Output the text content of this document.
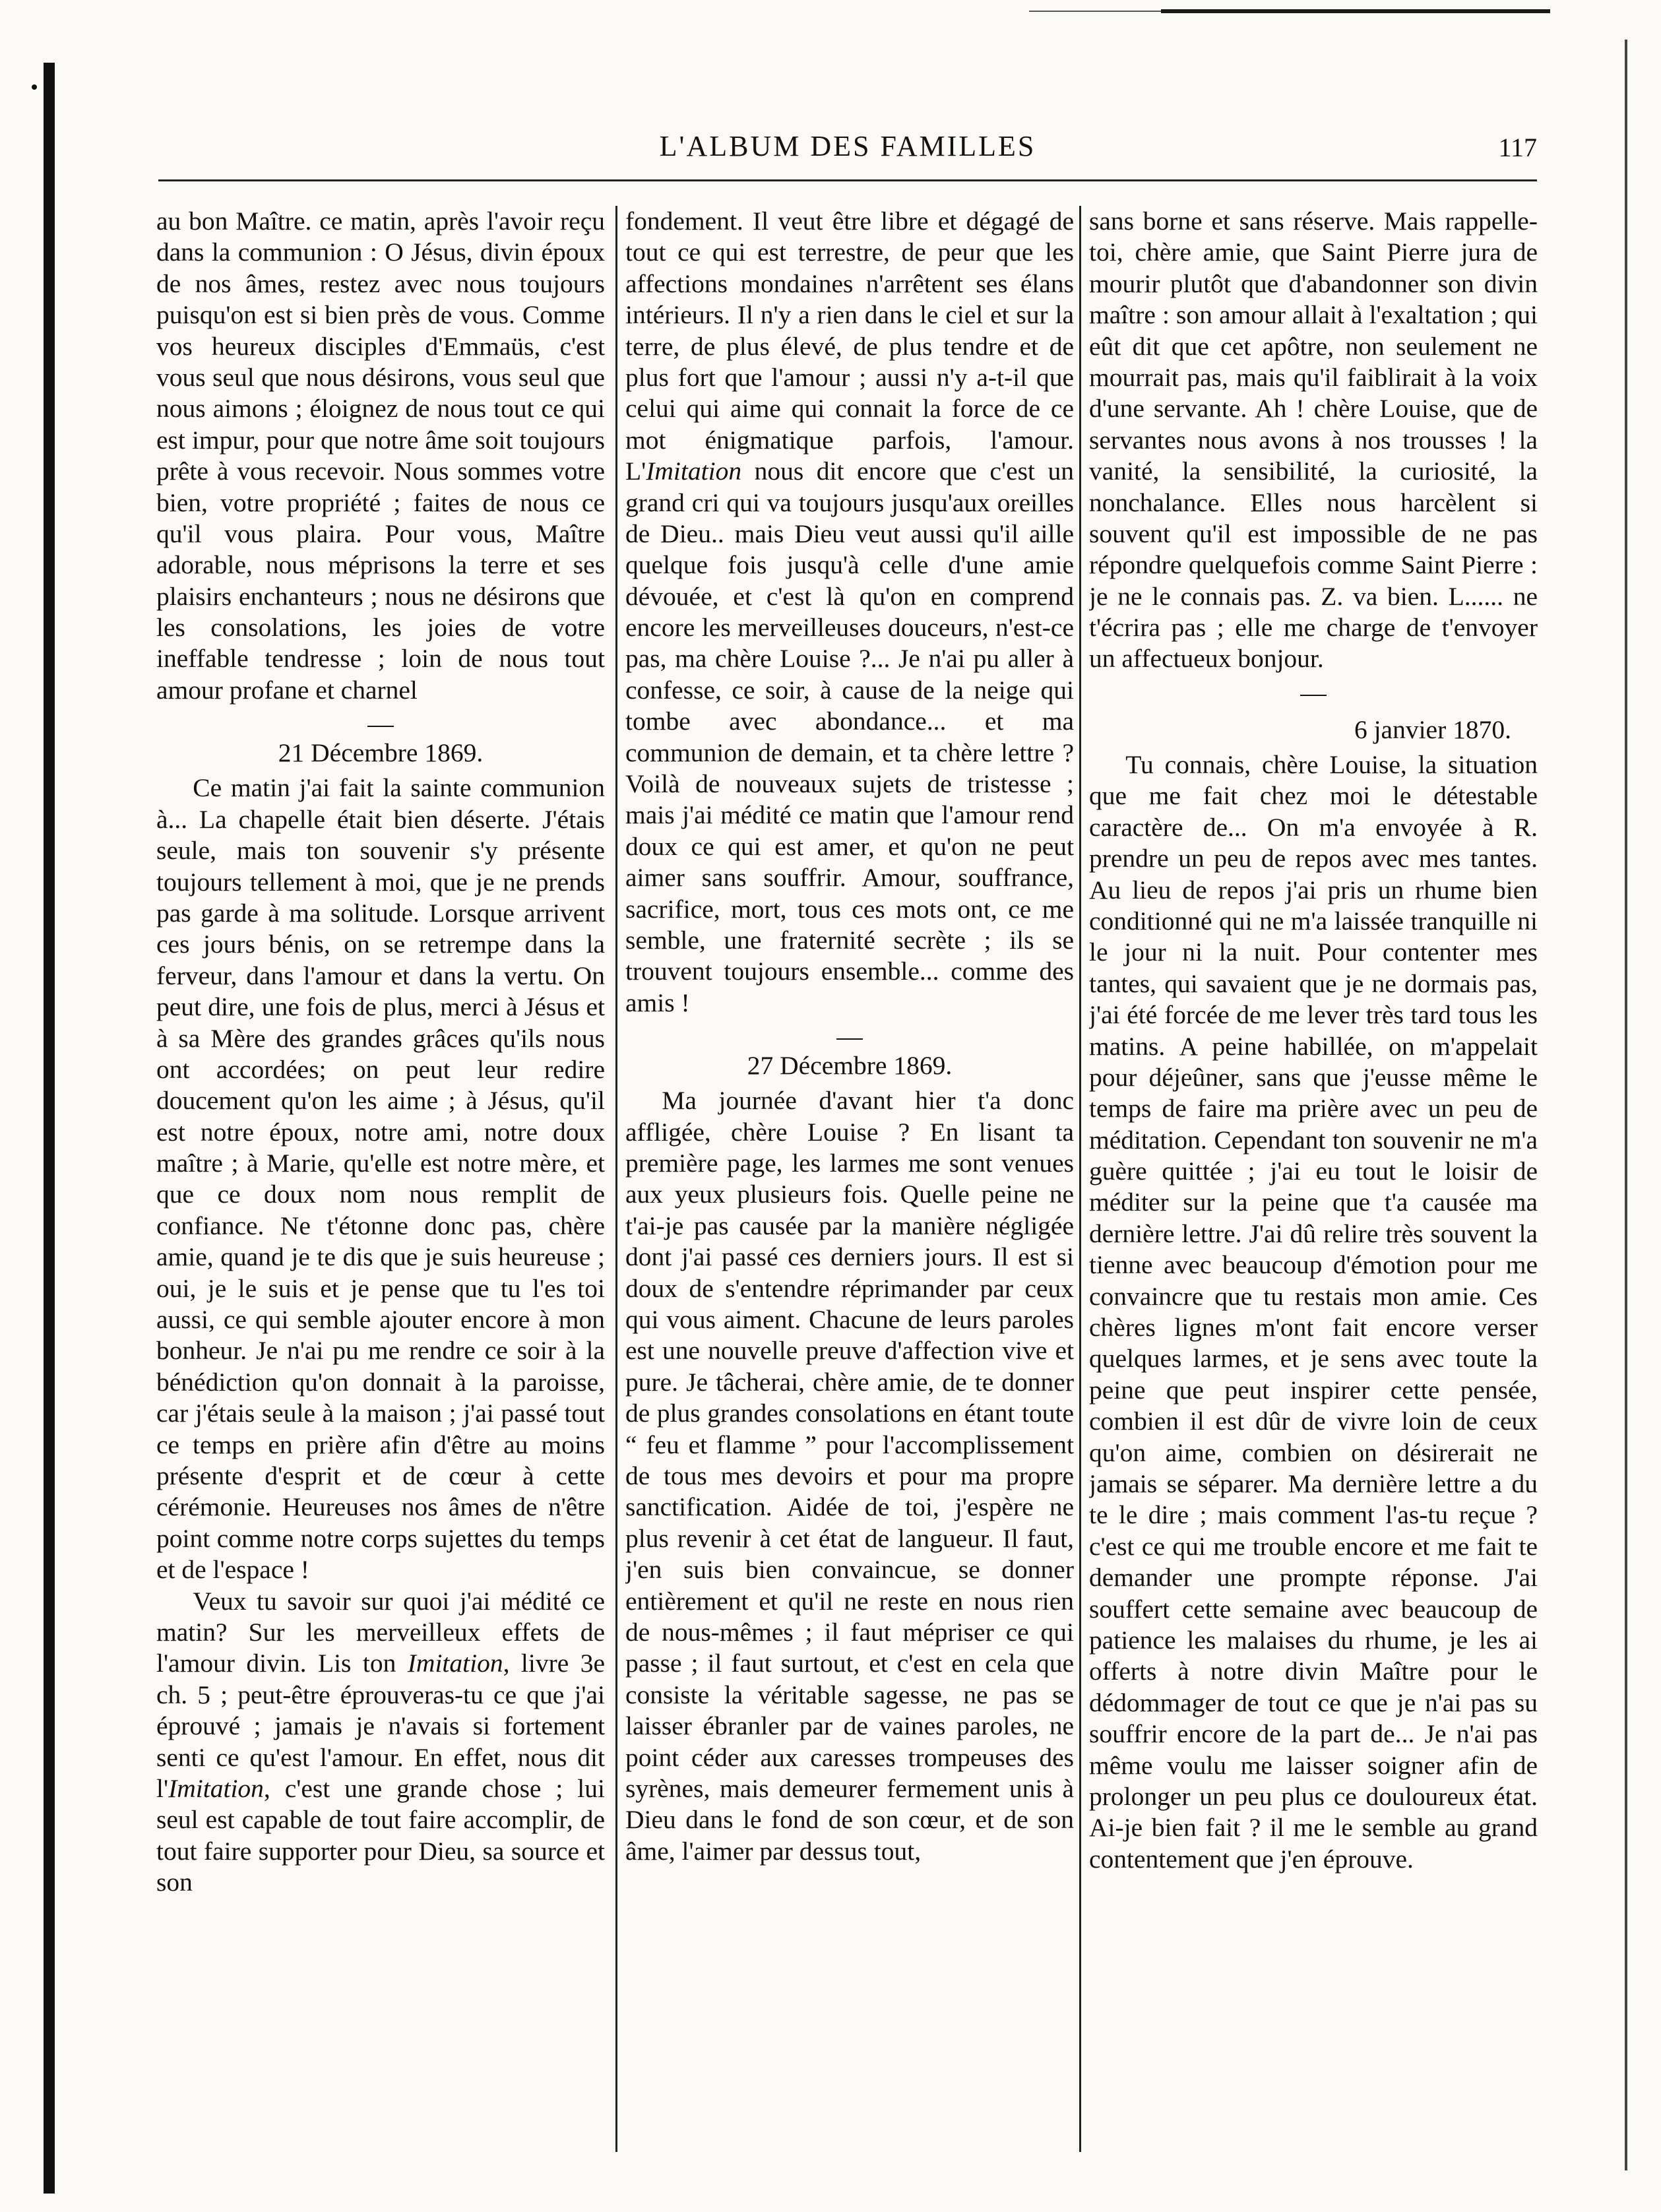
L'ALBUM DES FAMILLES	117

au bon Maître. ce matin, après l'avoir reçu dans la communion : O Jésus, divin époux de nos âmes, restez avec nous toujours puisqu'on est si bien près de vous. Comme vos heureux disciples d'Emmaüs, c'est vous seul que nous désirons, vous seul que nous aimons ; éloignez de nous tout ce qui est impur, pour que notre âme soit toujours prête à vous recevoir. Nous sommes votre bien, votre propriété ; faites de nous ce qu'il vous plaira. Pour vous, Maître adorable, nous méprisons la terre et ses plaisirs enchanteurs ; nous ne désirons que les consolations, les joies de votre ineffable tendresse ; loin de nous tout amour profane et charnel

—

21 Décembre 1869.

Ce matin j'ai fait la sainte communion à... La chapelle était bien déserte. J'étais seule, mais ton souvenir s'y présente toujours tellement à moi, que je ne prends pas garde à ma solitude. Lorsque arrivent ces jours bénis, on se retrempe dans la ferveur, dans l'amour et dans la vertu. On peut dire, une fois de plus, merci à Jésus et à sa Mère des grandes grâces qu'ils nous ont accordées; on peut leur redire doucement qu'on les aime ; à Jésus, qu'il est notre époux, notre ami, notre doux maître ; à Marie, qu'elle est notre mère, et que ce doux nom nous remplit de confiance. Ne t'étonne donc pas, chère amie, quand je te dis que je suis heureuse ; oui, je le suis et je pense que tu l'es toi aussi, ce qui semble ajouter encore à mon bonheur. Je n'ai pu me rendre ce soir à la bénédiction qu'on donnait à la paroisse, car j'étais seule à la maison ; j'ai passé tout ce temps en prière afin d'être au moins présente d'esprit et de cœur à cette cérémonie. Heureuses nos âmes de n'être point comme notre corps sujettes du temps et de l'espace !

Veux tu savoir sur quoi j'ai médité ce matin? Sur les merveilleux effets de l'amour divin. Lis ton Imitation, livre 3e ch. 5 ; peut-être éprouveras-tu ce que j'ai éprouvé ; jamais je n'avais si fortement senti ce qu'est l'amour. En effet, nous dit l'Imitation, c'est une grande chose ; lui seul est capable de tout faire accomplir, de tout faire supporter pour Dieu, sa source et son

fondement. Il veut être libre et dégagé de tout ce qui est terrestre, de peur que les affections mondaines n'arrêtent ses élans intérieurs. Il n'y a rien dans le ciel et sur la terre, de plus élevé, de plus tendre et de plus fort que l'amour ; aussi n'y a-t-il que celui qui aime qui connait la force de ce mot énigmatique parfois, l'amour. L'Imitation nous dit encore que c'est un grand cri qui va toujours jusqu'aux oreilles de Dieu.. mais Dieu veut aussi qu'il aille quelque fois jusqu'à celle d'une amie dévouée, et c'est là qu'on en comprend encore les merveilleuses douceurs, n'est-ce pas, ma chère Louise ?... Je n'ai pu aller à confesse, ce soir, à cause de la neige qui tombe avec abondance... et ma communion de demain, et ta chère lettre ? Voilà de nouveaux sujets de tristesse ; mais j'ai médité ce matin que l'amour rend doux ce qui est amer, et qu'on ne peut aimer sans souffrir. Amour, souffrance, sacrifice, mort, tous ces mots ont, ce me semble, une fraternité secrète ; ils se trouvent toujours ensemble... comme des amis !

—

27 Décembre 1869.

Ma journée d'avant hier t'a donc affligée, chère Louise ? En lisant ta première page, les larmes me sont venues aux yeux plusieurs fois. Quelle peine ne t'ai-je pas causée par la manière négligée dont j'ai passé ces derniers jours. Il est si doux de s'entendre réprimander par ceux qui vous aiment. Chacune de leurs paroles est une nouvelle preuve d'affection vive et pure. Je tâcherai, chère amie, de te donner de plus grandes consolations en étant toute “ feu et flamme ” pour l'accomplissement de tous mes devoirs et pour ma propre sanctification. Aidée de toi, j'espère ne plus revenir à cet état de langueur. Il faut, j'en suis bien convaincue, se donner entièrement et qu'il ne reste en nous rien de nous-mêmes ; il faut mépriser ce qui passe ; il faut surtout, et c'est en cela que consiste la véritable sagesse, ne pas se laisser ébranler par de vaines paroles, ne point céder aux caresses trompeuses des syrènes, mais demeurer fermement unis à Dieu dans le fond de son cœur, et de son âme, l'aimer par dessus tout,

sans borne et sans réserve. Mais rappelle-toi, chère amie, que Saint Pierre jura de mourir plutôt que d'abandonner son divin maître : son amour allait à l'exaltation ; qui eût dit que cet apôtre, non seulement ne mourrait pas, mais qu'il faiblirait à la voix d'une servante. Ah ! chère Louise, que de servantes nous avons à nos trousses ! la vanité, la sensibilité, la curiosité, la nonchalance. Elles nous harcèlent si souvent qu'il est impossible de ne pas répondre quelquefois comme Saint Pierre : je ne le connais pas. Z. va bien. L...... ne t'écrira pas ; elle me charge de t'envoyer un affectueux bonjour.

—

6 janvier 1870.

Tu connais, chère Louise, la situation que me fait chez moi le détestable caractère de... On m'a envoyée à R. prendre un peu de repos avec mes tantes. Au lieu de repos j'ai pris un rhume bien conditionné qui ne m'a laissée tranquille ni le jour ni la nuit. Pour contenter mes tantes, qui savaient que je ne dormais pas, j'ai été forcée de me lever très tard tous les matins. A peine habillée, on m'appelait pour déjeûner, sans que j'eusse même le temps de faire ma prière avec un peu de méditation. Cependant ton souvenir ne m'a guère quittée ; j'ai eu tout le loisir de méditer sur la peine que t'a causée ma dernière lettre. J'ai dû relire très souvent la tienne avec beaucoup d'émotion pour me convaincre que tu restais mon amie. Ces chères lignes m'ont fait encore verser quelques larmes, et je sens avec toute la peine que peut inspirer cette pensée, combien il est dûr de vivre loin de ceux qu'on aime, combien on désirerait ne jamais se séparer. Ma dernière lettre a du te le dire ; mais comment l'as-tu reçue ? c'est ce qui me trouble encore et me fait te demander une prompte réponse. J'ai souffert cette semaine avec beaucoup de patience les malaises du rhume, je les ai offerts à notre divin Maître pour le dédommager de tout ce que je n'ai pas su souffrir encore de la part de... Je n'ai pas même voulu me laisser soigner afin de prolonger un peu plus ce douloureux état. Ai-je bien fait ? il me le semble au grand contentement que j'en éprouve.
